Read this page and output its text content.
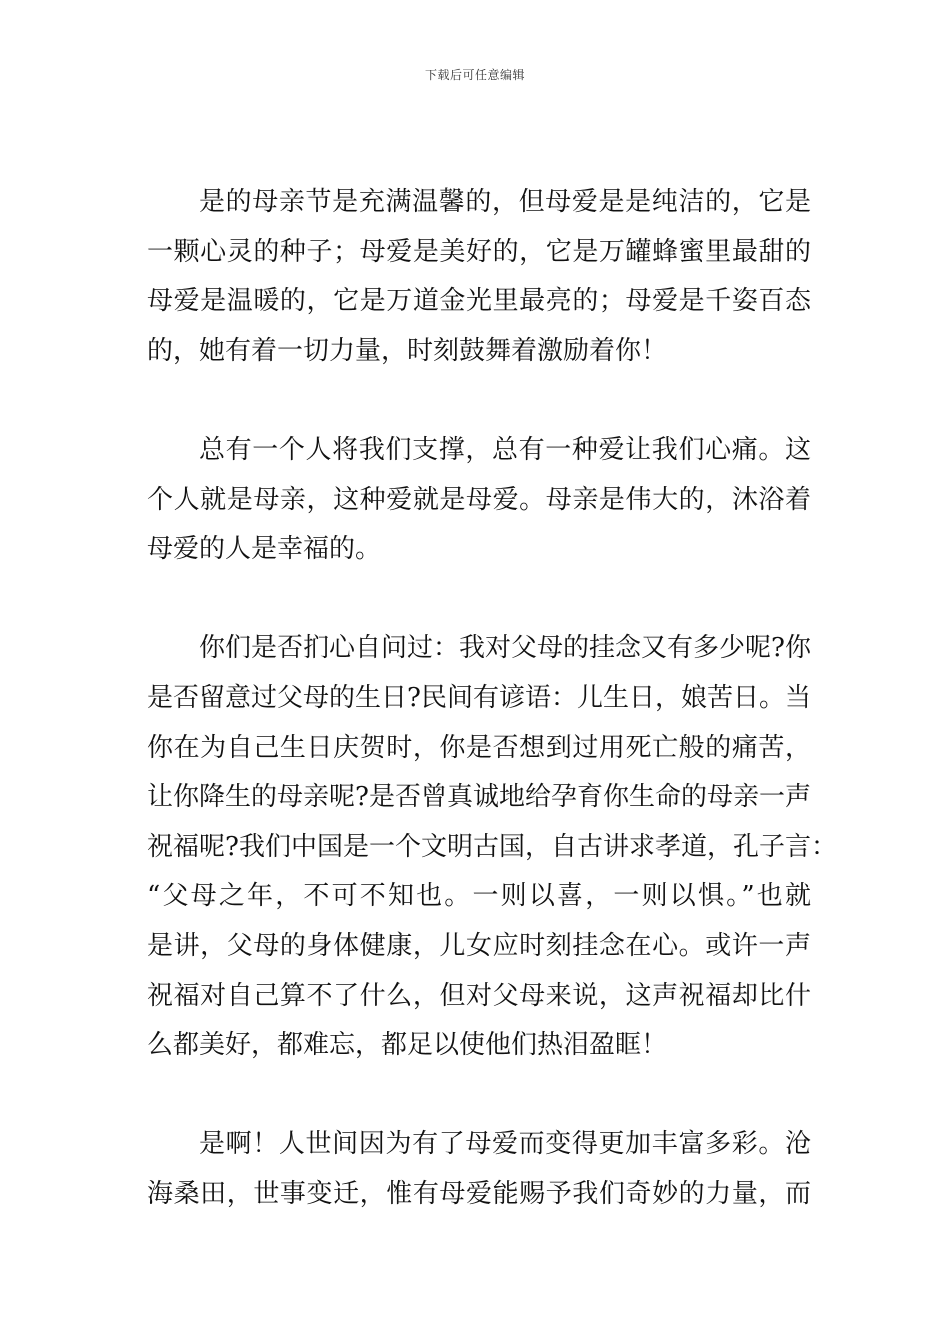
下载后可任意编辑
是的母亲节是充满温馨的，但母爱是是纯洁的，它是
一颗心灵的种子；母爱是美好的，它是万罐蜂蜜里最甜的
母爱是温暖的，它是万道金光里最亮的；母爱是千姿百态
的，她有着一切力量，时刻鼓舞着激励着你！
总有一个人将我们支撑，总有一种爱让我们心痛。这
个人就是母亲，这种爱就是母爱。母亲是伟大的，沐浴着
母爱的人是幸福的。
你们是否扪心自问过：我对父母的挂念又有多少呢?你
是否留意过父母的生日?民间有谚语：儿生日，娘苦日。当
你在为自己生日庆贺时，你是否想到过用死亡般的痛苦，
让你降生的母亲呢?是否曾真诚地给孕育你生命的母亲一声
祝福呢?我们中国是一个文明古国，自古讲求孝道，孔子言：
“父母之年，不可不知也。一则以喜，一则以惧。”也就
是讲，父母的身体健康，儿女应时刻挂念在心。或许一声
祝福对自己算不了什么，但对父母来说，这声祝福却比什
么都美好，都难忘，都足以使他们热泪盈眶！
是啊！人世间因为有了母爱而变得更加丰富多彩。沧
海桑田，世事变迁，惟有母爱能赐予我们奇妙的力量，而
